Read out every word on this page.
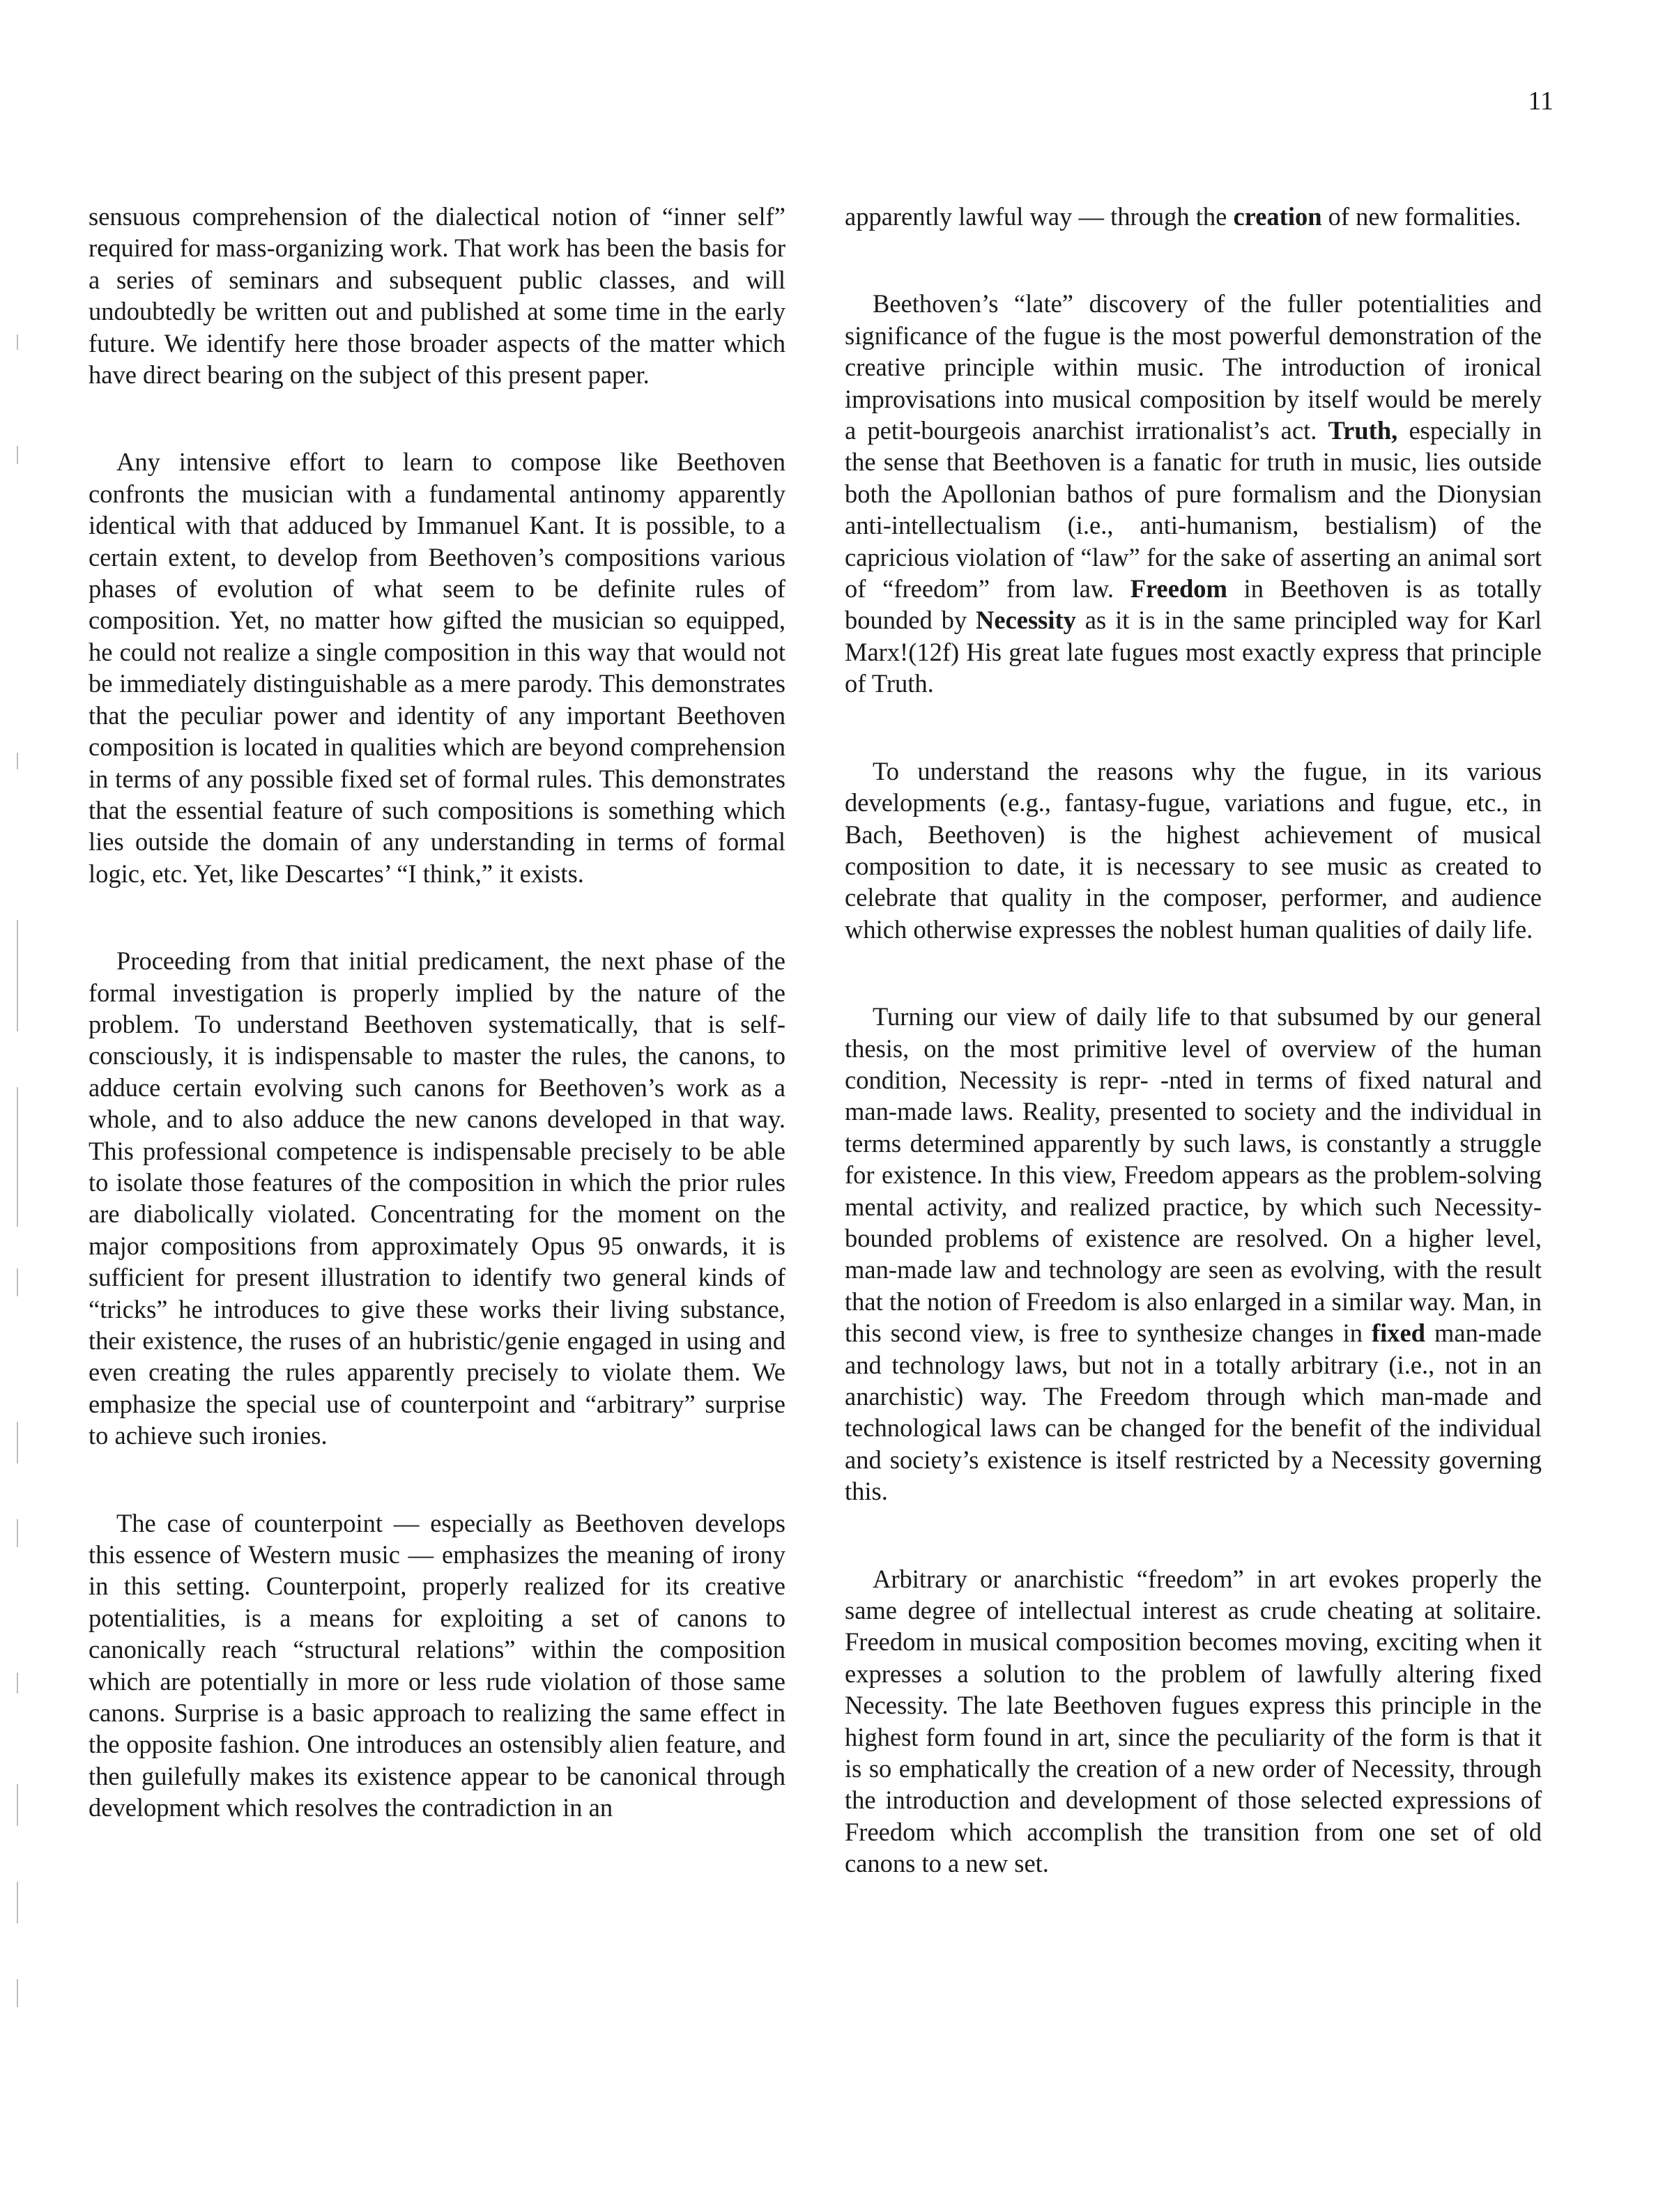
11

sensuous comprehension of the dialectical notion of “inner self” required for mass-organizing work. That work has been the basis for a series of seminars and subsequent public classes, and will undoubtedly be written out and published at some time in the early future. We identify here those broader aspects of the matter which have direct bearing on the subject of this present paper.

Any intensive effort to learn to compose like Beethoven confronts the musician with a fundamental antinomy apparently identical with that adduced by Immanuel Kant. It is possible, to a certain extent, to develop from Beethoven’s compositions various phases of evolution of what seem to be definite rules of composition. Yet, no matter how gifted the musician so equipped, he could not realize a single composition in this way that would not be immediately distinguishable as a mere parody. This demonstrates that the peculiar power and identity of any important Beethoven composition is located in qualities which are beyond comprehension in terms of any possible fixed set of formal rules. This demonstrates that the essential feature of such compositions is something which lies outside the domain of any understanding in terms of formal logic, etc. Yet, like Descartes’ “I think,” it exists.

Proceeding from that initial predicament, the next phase of the formal investigation is properly implied by the nature of the problem. To understand Beethoven systematically, that is self-consciously, it is indispensable to master the rules, the canons, to adduce certain evolving such canons for Beethoven’s work as a whole, and to also adduce the new canons developed in that way. This professional competence is indispensable precisely to be able to isolate those features of the composition in which the prior rules are diabolically violated. Concentrating for the moment on the major compositions from approximately Opus 95 onwards, it is sufficient for present illustration to identify two general kinds of “tricks” he introduces to give these works their living substance, their existence, the ruses of an hubristic/genie engaged in using and even creating the rules apparently precisely to violate them. We emphasize the special use of counterpoint and “arbitrary” surprise to achieve such ironies.

The case of counterpoint — especially as Beethoven develops this essence of Western music — emphasizes the meaning of irony in this setting. Counterpoint, properly realized for its creative potentialities, is a means for exploiting a set of canons to canonically reach “structural relations” within the composition which are potentially in more or less rude violation of those same canons. Surprise is a basic approach to realizing the same effect in the opposite fashion. One introduces an ostensibly alien feature, and then guilefully makes its existence appear to be canonical through development which resolves the contradiction in an

apparently lawful way — through the creation of new formalities.

Beethoven’s “late” discovery of the fuller potentialities and significance of the fugue is the most powerful demonstration of the creative principle within music. The introduction of ironical improvisations into musical composition by itself would be merely a petit-bourgeois anarchist irrationalist’s act. Truth, especially in the sense that Beethoven is a fanatic for truth in music, lies outside both the Apollonian bathos of pure formalism and the Dionysian anti-intellectualism (i.e., anti-humanism, bestialism) of the capricious violation of “law” for the sake of asserting an animal sort of “freedom” from law. Freedom in Beethoven is as totally bounded by Necessity as it is in the same principled way for Karl Marx!(12f) His great late fugues most exactly express that principle of Truth.

To understand the reasons why the fugue, in its various developments (e.g., fantasy-fugue, variations and fugue, etc., in Bach, Beethoven) is the highest achievement of musical composition to date, it is necessary to see music as created to celebrate that quality in the composer, performer, and audience which otherwise expresses the noblest human qualities of daily life.

Turning our view of daily life to that subsumed by our general thesis, on the most primitive level of overview of the human condition, Necessity is repr‑ ‑nted in terms of fixed natural and man-made laws. Reality, presented to society and the individual in terms determined apparently by such laws, is constantly a struggle for existence. In this view, Freedom appears as the problem-solving mental activity, and realized practice, by which such Necessity-bounded problems of existence are resolved. On a higher level, man-made law and technology are seen as evolving, with the result that the notion of Freedom is also enlarged in a similar way. Man, in this second view, is free to synthesize changes in fixed man-made and technology laws, but not in a totally arbitrary (i.e., not in an anarchistic) way. The Freedom through which man-made and technological laws can be changed for the benefit of the individual and society’s existence is itself restricted by a Necessity governing this.

Arbitrary or anarchistic “freedom” in art evokes properly the same degree of intellectual interest as crude cheating at solitaire. Freedom in musical composition becomes moving, exciting when it expresses a solution to the problem of lawfully altering fixed Necessity. The late Beethoven fugues express this principle in the highest form found in art, since the peculiarity of the form is that it is so emphatically the creation of a new order of Necessity, through the introduction and development of those selected expressions of Freedom which accomplish the transition from one set of old canons to a new set.
